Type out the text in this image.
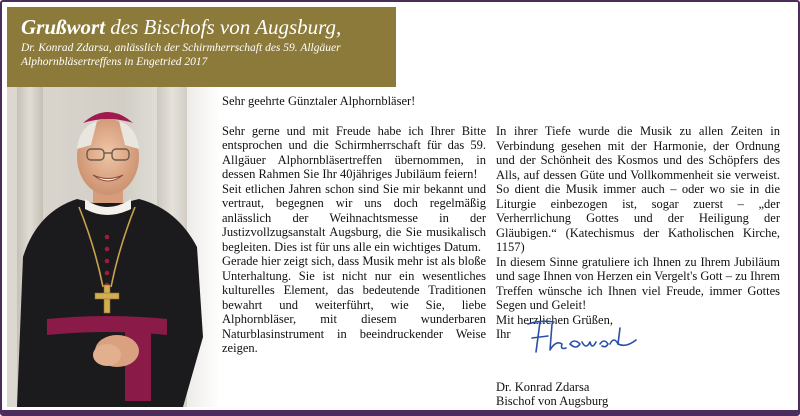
Grußwort des Bischofs von Augsburg,
Dr. Konrad Zdarsa, anlässlich der Schirmherrschaft des 59. Allgäuer Alphornbläsertreffens in Engetried 2017

Sehr geehrte Günztaler Alphornbläser!

Sehr gerne und mit Freude habe ich Ihrer Bitte entsprochen und die Schirmherrschaft für das 59. Allgäuer Alphornbläsertreffen übernommen, in dessen Rahmen Sie Ihr 40jähriges Jubiläum feiern!

Seit etlichen Jahren schon sind Sie mir bekannt und vertraut, begegnen wir uns doch regelmäßig anlässlich der Weihnachtsmesse in der Justizvollzugsanstalt Augsburg, die Sie musikalisch begleiten. Dies ist für uns alle ein wichtiges Datum.

Gerade hier zeigt sich, dass Musik mehr ist als bloße Unterhaltung. Sie ist nicht nur ein wesentliches kulturelles Element, das bedeutende Traditionen bewahrt und weiterführt, wie Sie, liebe Alphornbläser, mit diesem wunderbaren Naturblasinstrument in beeindruckender Weise zeigen.

In ihrer Tiefe wurde die Musik zu allen Zeiten in Verbindung gesehen mit der Harmonie, der Ordnung und der Schönheit des Kosmos und des Schöpfers des Alls, auf dessen Güte und Vollkommenheit sie verweist. So dient die Musik immer auch – oder wo sie in die Liturgie einbezogen ist, sogar zuerst – „der Verherrlichung Gottes und der Heiligung der Gläubigen.“ (Katechismus der Katholischen Kirche, 1157)

In diesem Sinne gratuliere ich Ihnen zu Ihrem Jubiläum und sage Ihnen von Herzen ein Vergelt's Gott – zu Ihrem Treffen wünsche ich Ihnen viel Freude, immer Gottes Segen und Geleit!

Mit herzlichen Grüßen,

Ihr

Dr. Konrad Zdarsa
Bischof von Augsburg
